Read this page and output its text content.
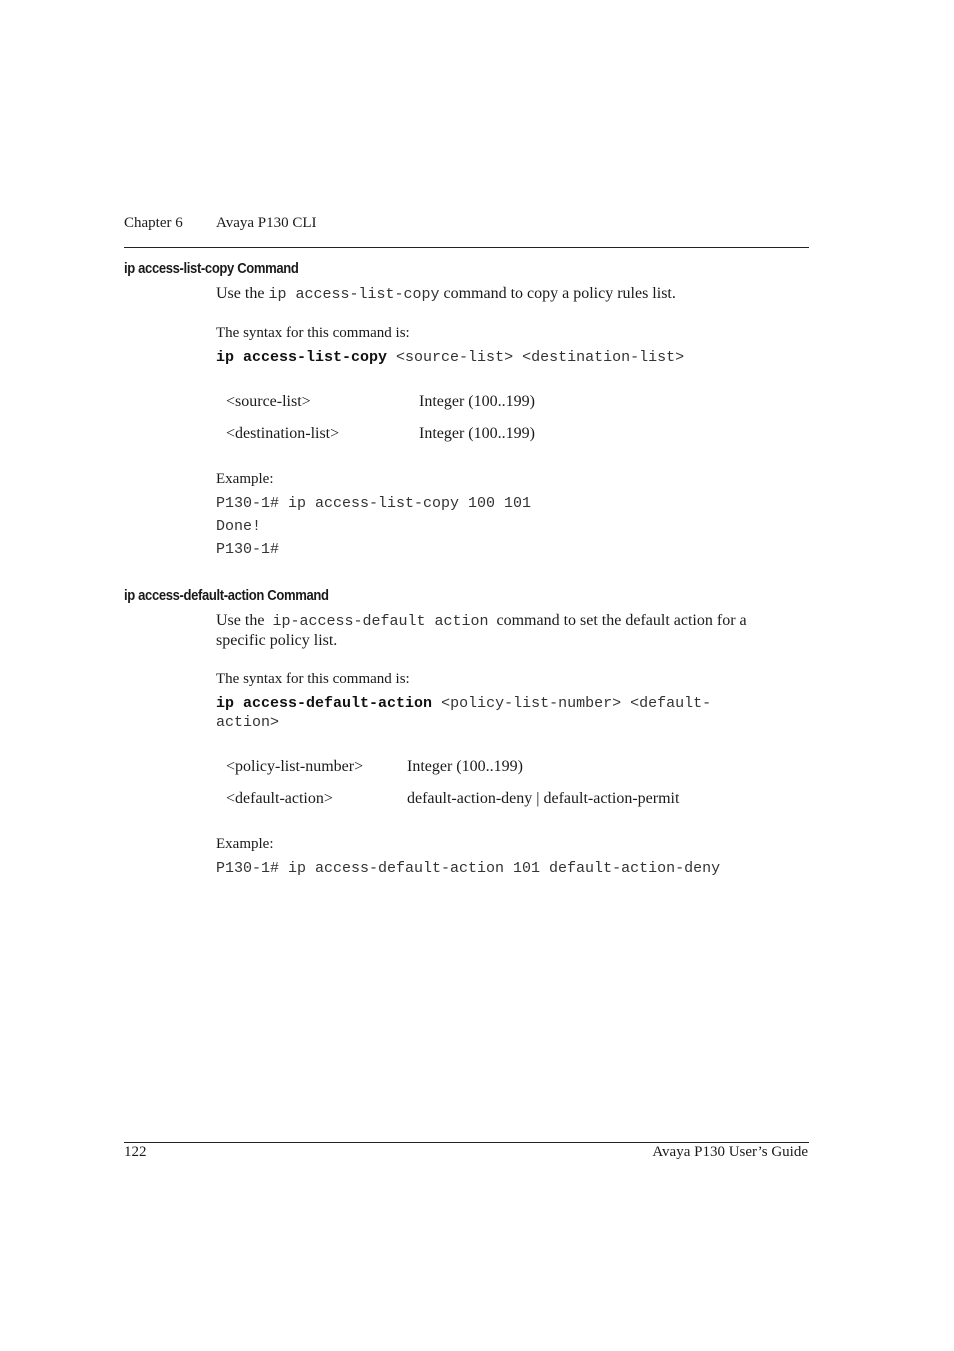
Chapter 6 Avaya P130 CLI
ip access-list-copy Command
Use the ip access-list-copy command to copy a policy rules list.
The syntax for this command is:
ip access-list-copy <source-list> <destination-list>
<source-list>	Integer (100..199)
<destination-list>	Integer (100..199)
Example:
P130-1# ip access-list-copy 100 101
Done!
P130-1#
ip access-default-action Command
Use the ip-access-default action command to set the default action for a
specific policy list.
The syntax for this command is:
ip access-default-action <policy-list-number> <default-
action>
<policy-list-number>	Integer (100..199)
<default-action>	default-action-deny | default-action-permit
Example:
P130-1# ip access-default-action 101 default-action-deny
122	Avaya P130 User’s Guide
